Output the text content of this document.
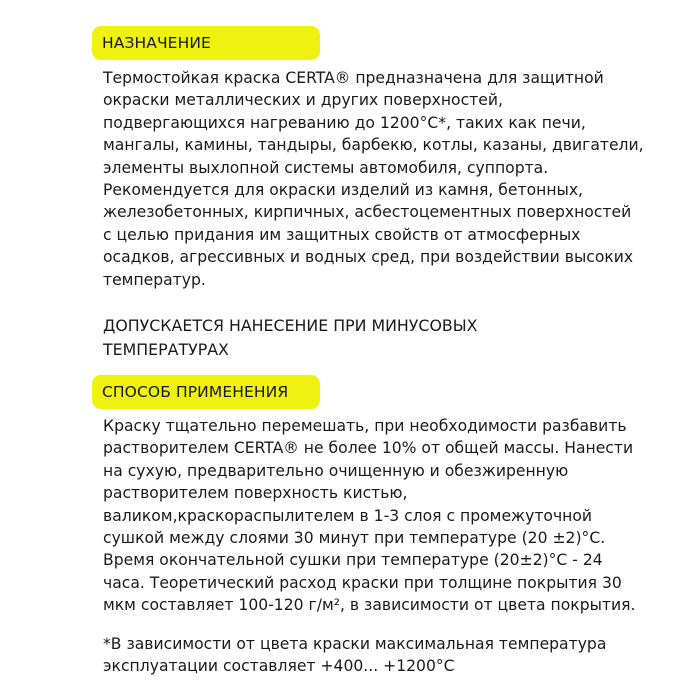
НАЗНАЧЕНИЕ

Термостойкая краска CERTA® предназначена для защитной
окраски металлических и других поверхностей,
подвергающихся нагреванию до 1200°С*, таких как печи,
мангалы, камины, тандыры, барбекю, котлы, казаны, двигатели,
элементы выхлопной системы автомобиля, суппорта.
Рекомендуется для окраски изделий из камня, бетонных,
железобетонных, кирпичных, асбестоцементных поверхностей
с целью придания им защитных свойств от атмосферных
осадков, агрессивных и водных сред, при воздействии высоких
температур.

ДОПУСКАЕТСЯ НАНЕСЕНИЕ ПРИ МИНУСОВЫХ
ТЕМПЕРАТУРАХ

СПОСОБ ПРИМЕНЕНИЯ

Краску тщательно перемешать, при необходимости разбавить
растворителем CERTA® не более 10% от общей массы. Нанести
на сухую, предварительно очищенную и обезжиренную
растворителем поверхность кистью,
валиком,краскораспылителем в 1-3 слоя с промежуточной
сушкой между слоями 30 минут при температуре (20 ±2)°С.
Время окончательной сушки при температуре (20±2)°С - 24
часа. Теоретический расход краски при толщине покрытия 30
мкм составляет 100-120 г/м², в зависимости от цвета покрытия.

*В зависимости от цвета краски максимальная температура
эксплуатации составляет +400... +1200°С
